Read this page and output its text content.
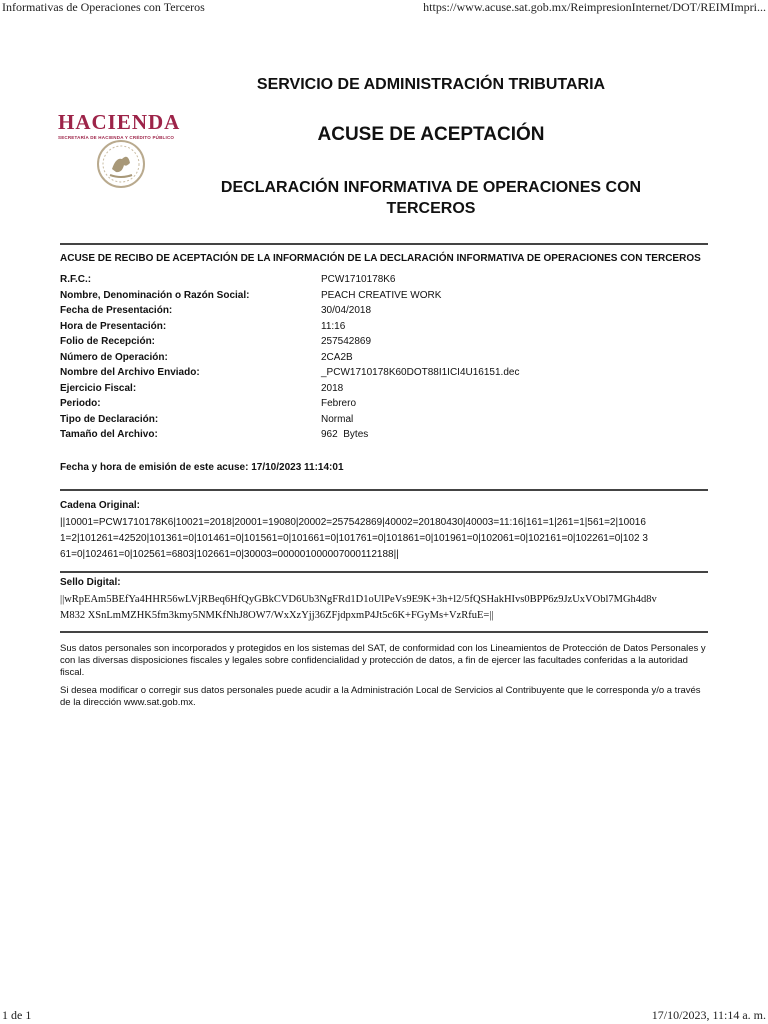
Informativas de Operaciones con Terceros	https://www.acuse.sat.gob.mx/ReimpresionInternet/DOT/REIMImpri...
HACIENDA
SECRETARÍA DE HACIENDA Y CRÉDITO PÚBLICO
SERVICIO DE ADMINISTRACIÓN TRIBUTARIA
ACUSE DE ACEPTACIÓN
DECLARACIÓN INFORMATIVA DE OPERACIONES CON TERCEROS
ACUSE DE RECIBO DE ACEPTACIÓN DE LA INFORMACIÓN DE LA DECLARACIÓN INFORMATIVA DE OPERACIONES CON TERCEROS
R.F.C.:	PCW1710178K6
Nombre, Denominación o Razón Social:	PEACH CREATIVE WORK
Fecha de Presentación:	30/04/2018
Hora de Presentación:	11:16
Folio de Recepción:	257542869
Número de Operación:	2CA2B
Nombre del Archivo Enviado:	_PCW1710178K60DOT88I1ICI4U16151.dec
Ejercicio Fiscal:	2018
Periodo:	Febrero
Tipo de Declaración:	Normal
Tamaño del Archivo:	962  Bytes
Fecha y hora de emisión de este acuse: 17/10/2023 11:14:01
Cadena Original:
||10001=PCW1710178K6|10021=2018|20001=19080|20002=257542869|40002=20180430|40003=11:16|161=1|261=1|561=2|10016 1=2|101261=42520|101361=0|101461=0|101561=0|101661=0|101761=0|101861=0|101961=0|102061=0|102161=0|102261=0|102 361=0|102461=0|102561=6803|102661=0|30003=000001000007000112188||
Sello Digital:
||wRpEAm5BEfYa4HHR56wLVjRBeq6HfQyGBkCVD6Ub3NgFRd1D1oUlPeVs9E9K+3h+l2/5fQSHakHIvs0BPP6z9JzUxVObl7MGh4d8vM832 XSnLmMZHK5fm3kmy5NMKfNhJ8OW7/WxXzYjj36ZFjdpxmP4Jt5c6K+FGyMs+VzRfuE=||
Sus datos personales son incorporados y protegidos en los sistemas del SAT, de conformidad con los Lineamientos de Protección de Datos Personales y con las diversas disposiciones fiscales y legales sobre confidencialidad y protección de datos, a fin de ejercer las facultades conferidas a la autoridad fiscal.
Si desea modificar o corregir sus datos personales puede acudir a la Administración Local de Servicios al Contribuyente que le corresponda y/o a través de la dirección www.sat.gob.mx.
1 de 1	17/10/2023, 11:14 a. m.
